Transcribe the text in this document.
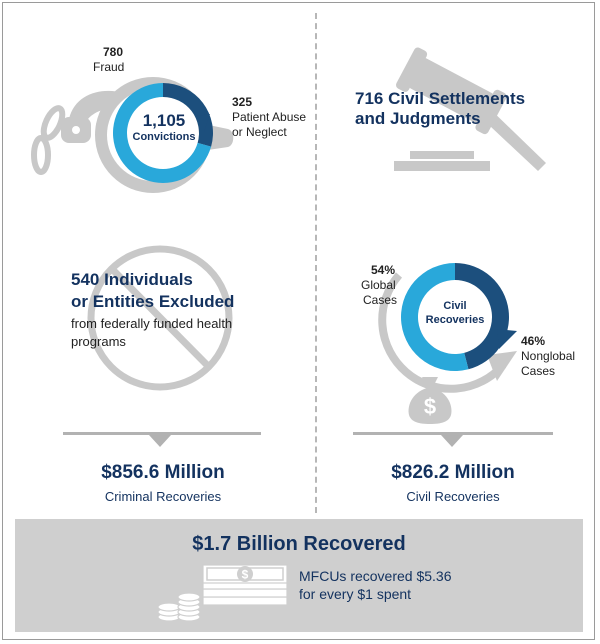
1,105
Convictions
780
Fraud
325
Patient Abuse
or Neglect
716 Civil Settlements
and Judgments
540 Individuals
or Entities Excluded
from federally funded health
programs
$
Civil
Recoveries
54%
Global
Cases
46%
Nonglobal
Cases
$856.6 Million
Criminal Recoveries
$826.2 Million
Civil Recoveries
$1.7 Billion Recovered
$	MFCUs recovered $5.36
for every $1 spent
